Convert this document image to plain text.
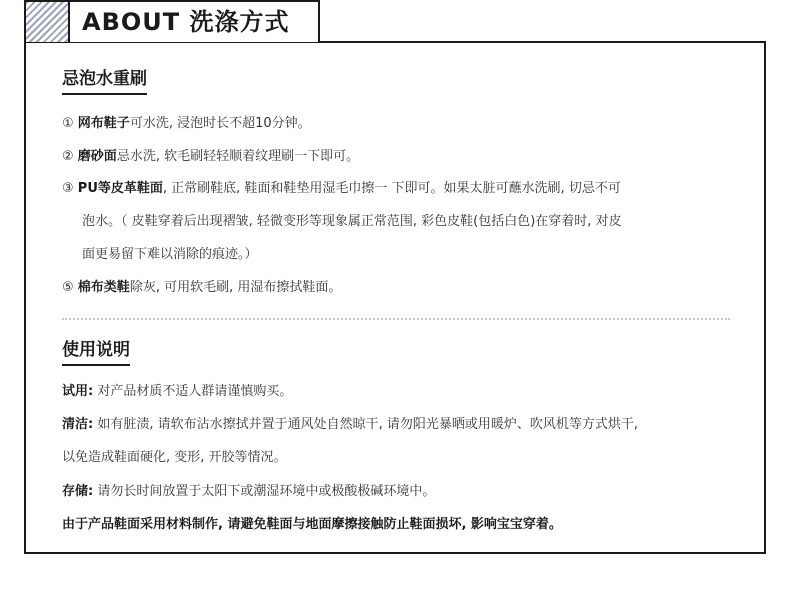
ABOUT 洗涤方式
忌泡水重刷
① 网布鞋子可水洗, 浸泡时长不超10分钟。
② 磨砂面忌水洗, 软毛刷轻轻顺着纹理刷一下即可。
③ PU等皮革鞋面, 正常刷鞋底, 鞋面和鞋垫用湿毛巾擦一 下即可。如果太脏可蘸水洗刷, 切忌不可
泡水。（ 皮鞋穿着后出现褶皱, 轻微变形等现象属正常范围, 彩色皮鞋(包括白色)在穿着时, 对皮
面更易留下难以消除的痕迹。）
⑤ 棉布类鞋除灰, 可用软毛刷, 用湿布擦拭鞋面。
使用说明
试用: 对产品材质不适人群请谨慎购买。
清洁: 如有脏渍, 请软布沾水擦拭并置于通风处自然晾干, 请勿阳光暴晒或用暖炉、吹风机等方式烘干,
以免造成鞋面硬化, 变形, 开胶等情况。
存储: 请勿长时间放置于太阳下或潮湿环境中或极酸极碱环境中。
由于产品鞋面采用材料制作, 请避免鞋面与地面摩擦接触防止鞋面损坏, 影响宝宝穿着。
